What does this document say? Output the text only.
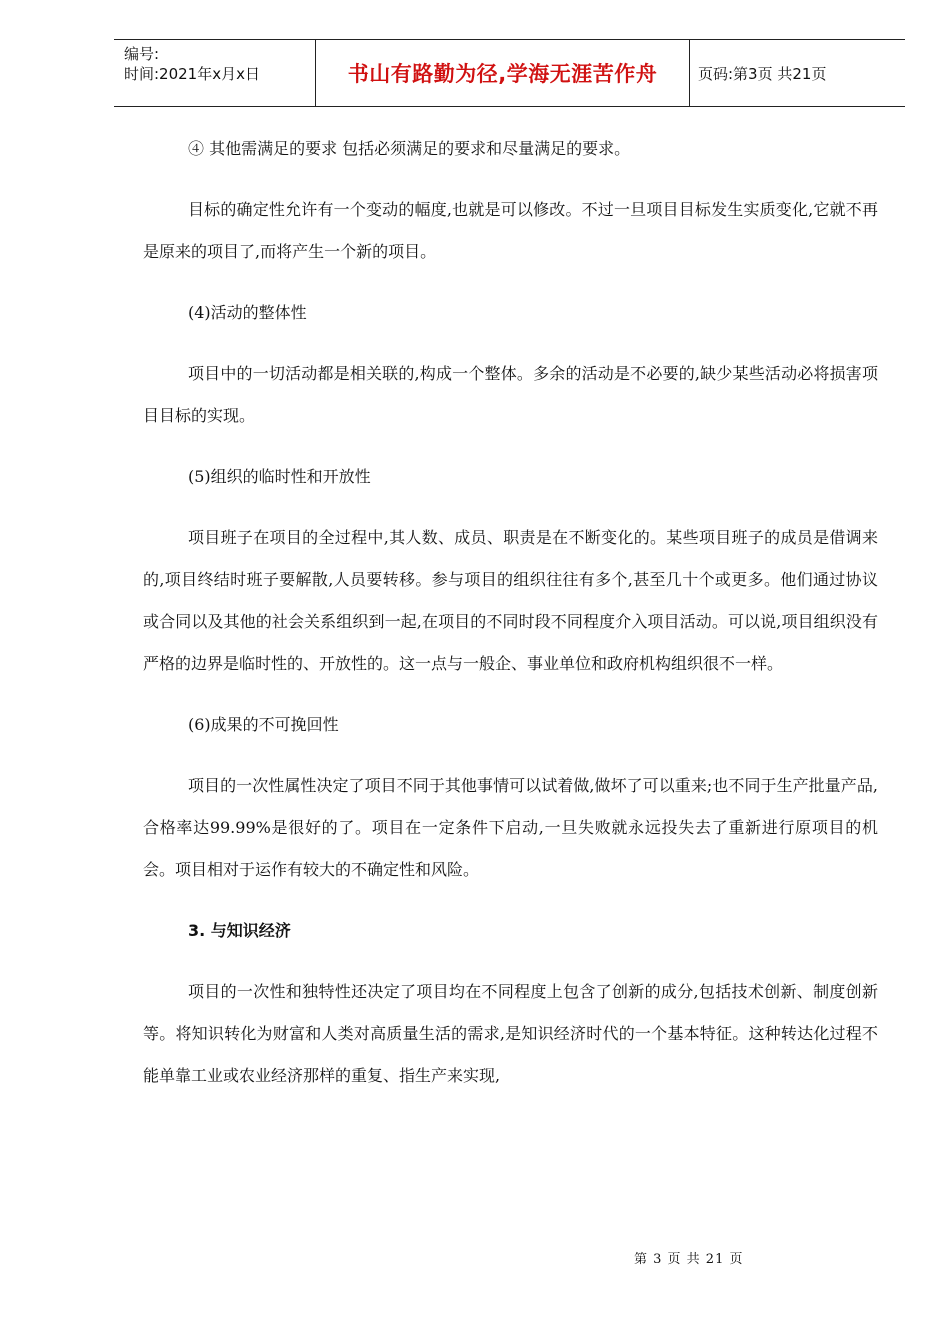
编号:
时间:2021年x月x日	书山有路勤为径,学海无涯苦作舟	页码:第3页 共21页

④ 其他需满足的要求 包括必须满足的要求和尽量满足的要求。

目标的确定性允许有一个变动的幅度,也就是可以修改。不过一旦项目目标发生实质变化,它就不再是原来的项目了,而将产生一个新的项目。

(4)活动的整体性

项目中的一切活动都是相关联的,构成一个整体。多余的活动是不必要的,缺少某些活动必将损害项目目标的实现。

(5)组织的临时性和开放性

项目班子在项目的全过程中,其人数、成员、职责是在不断变化的。某些项目班子的成员是借调来的,项目终结时班子要解散,人员要转移。参与项目的组织往往有多个,甚至几十个或更多。他们通过协议或合同以及其他的社会关系组织到一起,在项目的不同时段不同程度介入项目活动。可以说,项目组织没有严格的边界是临时性的、开放性的。这一点与一般企、事业单位和政府机构组织很不一样。

(6)成果的不可挽回性

项目的一次性属性决定了项目不同于其他事情可以试着做,做坏了可以重来;也不同于生产批量产品,合格率达99.99%是很好的了。项目在一定条件下启动,一旦失败就永远投失去了重新进行原项目的机会。项目相对于运作有较大的不确定性和风险。

3. 与知识经济

项目的一次性和独特性还决定了项目均在不同程度上包含了创新的成分,包括技术创新、制度创新等。将知识转化为财富和人类对高质量生活的需求,是知识经济时代的一个基本特征。这种转达化过程不能单靠工业或农业经济那样的重复、指生产来实现,

第 3 页 共 21 页
